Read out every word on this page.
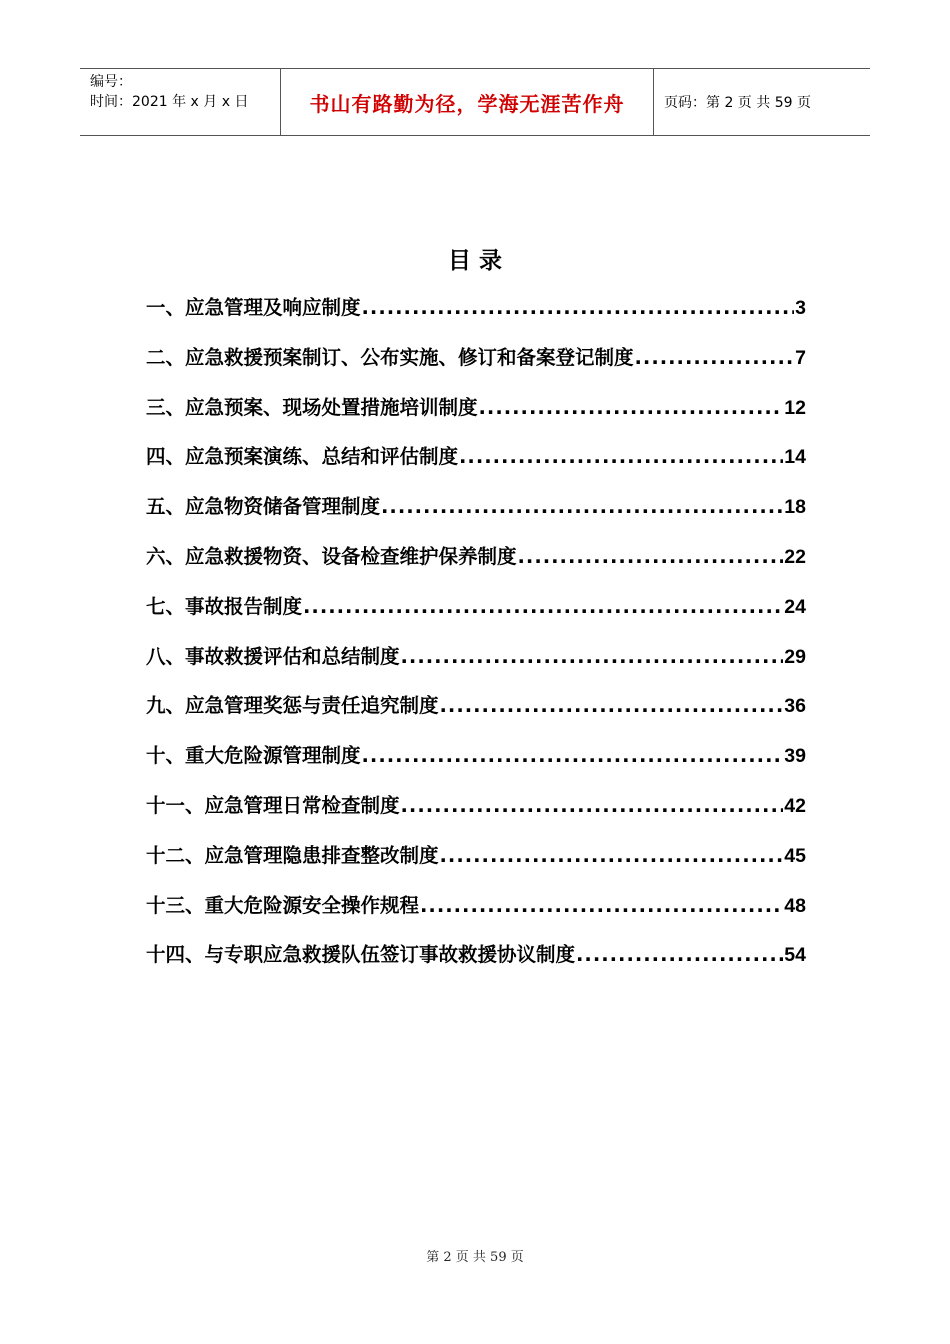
编号：
时间：2021 年 x 月 x 日	书山有路勤为径，学海无涯苦作舟	页码：第 2 页 共 59 页
目 录
一、应急管理及响应制度 .....	3
二、应急救援预案制订、公布实施、修订和备案登记制度 .....	7
三、应急预案、现场处置措施培训制度 .....	12
四、应急预案演练、总结和评估制度 .....	14
五、应急物资储备管理制度 .....	18
六、应急救援物资、设备检查维护保养制度 .....	22
七、事故报告制度 .....	24
八、事故救援评估和总结制度 .....	29
九、应急管理奖惩与责任追究制度 .....	36
十、重大危险源管理制度 .....	39
十一、应急管理日常检查制度 .....	42
十二、应急管理隐患排查整改制度 .....	45
十三、重大危险源安全操作规程 .....	48
十四、与专职应急救援队伍签订事故救援协议制度 .....	54
第 2 页 共 59 页
